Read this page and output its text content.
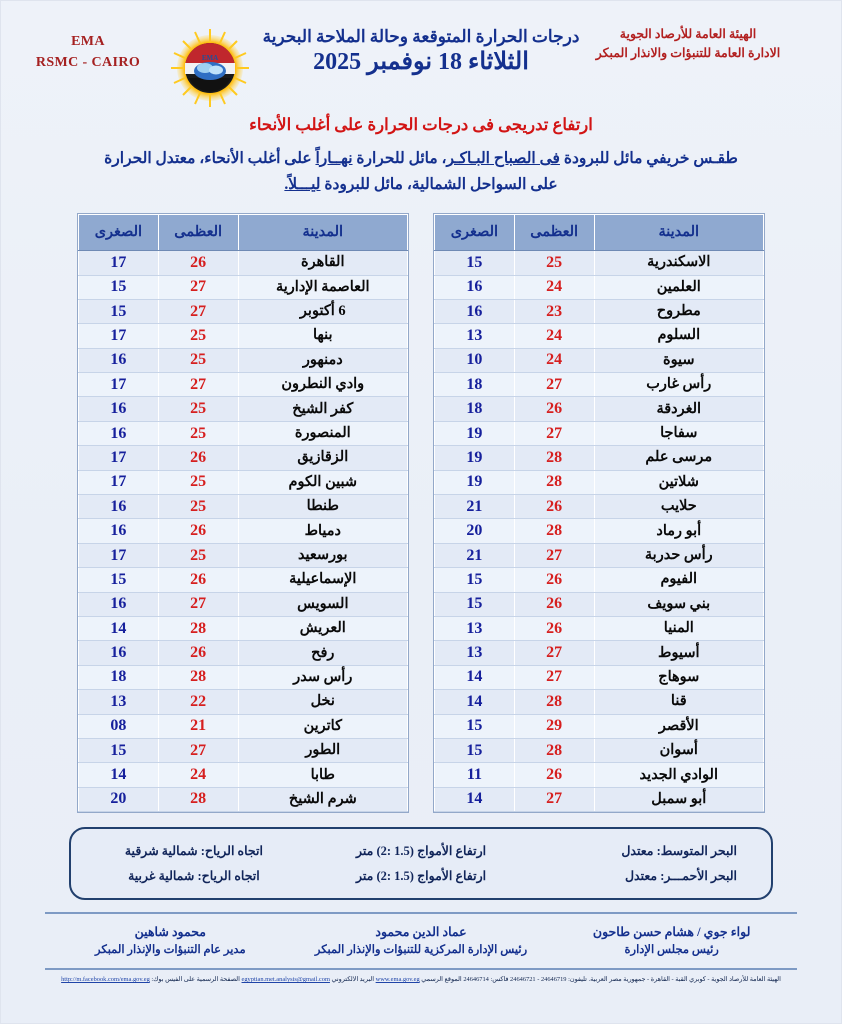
الهيئة العامة للأرصاد الجوية
الادارة العامة للتنبؤات والانذار المبكر
EMA
RSMC - CAIRO
درجات الحرارة المتوقعة وحالة الملاحة البحرية
الثلاثاء 18 نوفمبر 2025
EMA
ارتفاع تدريجى فى درجات الحرارة على أغلب الأنحاء
طقـس خريفي مائل للبرودة فى الصباح البـاكـر، مائل للحرارة نهــاراً على أغلب الأنحاء، معتدل الحرارة
على السواحل الشمالية، مائل للبرودة ليـــلاً.
المدينة	العظمى	الصغرى
الاسكندرية	25	15
العلمين	24	16
مطروح	23	16
السلوم	24	13
سيوة	24	10
رأس غارب	27	18
الغردقة	26	18
سفاجا	27	19
مرسى علم	28	19
شلاتين	28	19
حلايب	26	21
أبو رماد	28	20
رأس حدربة	27	21
الفيوم	26	15
بني سويف	26	15
المنيا	26	13
أسيوط	27	13
سوهاج	27	14
قنا	28	14
الأقصر	29	15
أسوان	28	15
الوادي الجديد	26	11
أبو سمبل	27	14
المدينة	العظمى	الصغرى
القاهرة	26	17
العاصمة الإدارية	27	15
6 أكتوبر	27	15
بنها	25	17
دمنهور	25	16
وادي النطرون	27	17
كفر الشيخ	25	16
المنصورة	25	16
الزقازيق	26	17
شبين الكوم	25	17
طنطا	25	16
دمياط	26	16
بورسعيد	25	17
الإسماعيلية	26	15
السويس	27	16
العريش	28	14
رفح	26	16
رأس سدر	28	18
نخل	22	13
كاترين	21	08
الطور	27	15
طابا	24	14
شرم الشيخ	28	20
البحر المتوسط: معتدل
ارتفاع الأمواج (1.5 :2) متر
اتجاه الرياح: شمالية شرقية
البحر الأحمـــر: معتدل
ارتفاع الأمواج (1.5 :2) متر
اتجاه الرياح: شمالية غربية
لواء جوي / هشام حسن طاحون
رئيس مجلس الإدارة
عماد الدين محمود
رئيس الإدارة المركزية للتنبؤات والإنذار المبكر
محمود شاهين
مدير عام التنبؤات والإنذار المبكر
الهيئة العامة للأرصاد الجوية - كوبري القبة - القاهرة - جمهورية مصر العربية. تليفون: 24646719 - 24646721 فاكس: 24646714 الموقع الرسمي www.ema.gov.eg البريد الالكتروني egyptian.met.analysis@gmail.com الصفحة الرسمية على الفيس بوك: http://m.facebook.com/ema.gov.eg
